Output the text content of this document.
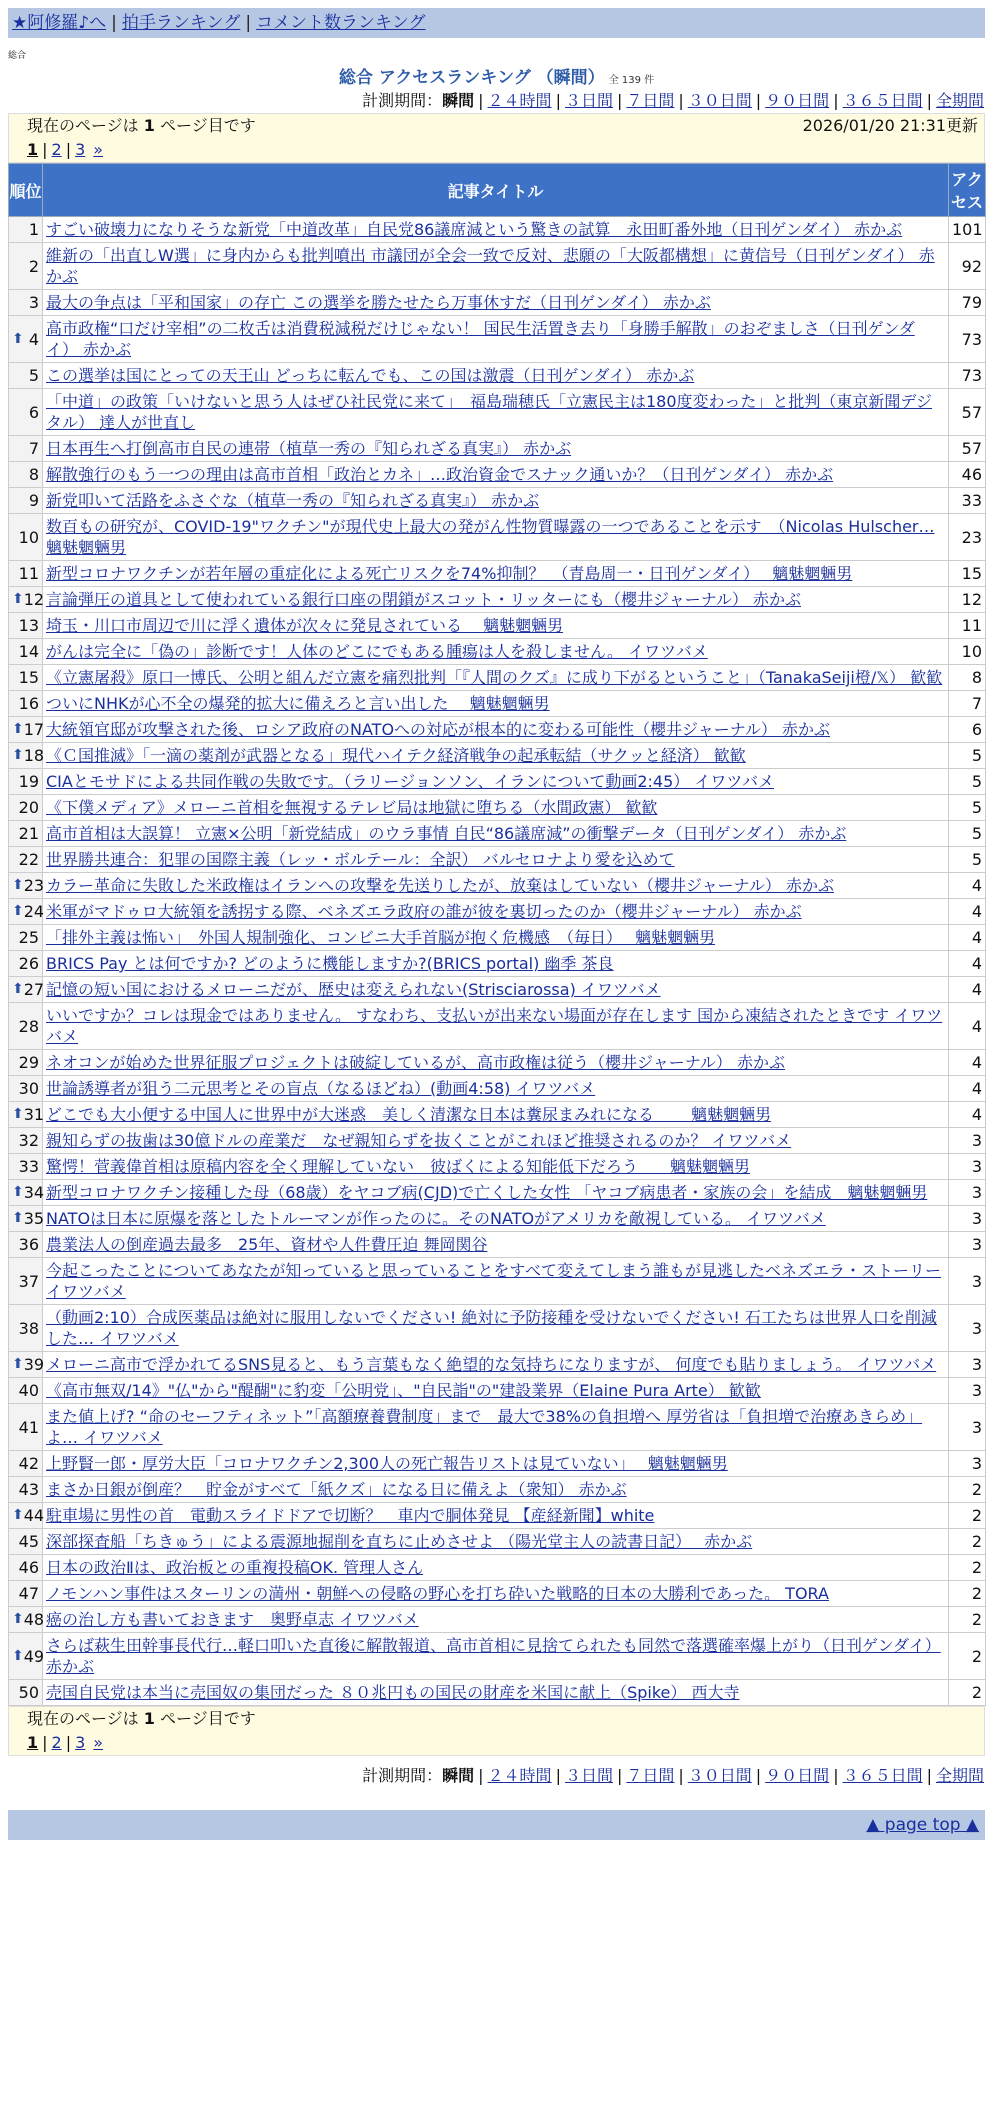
★阿修羅♪へ | 拍手ランキング | コメント数ランキング
総合
総合 アクセスランキング （瞬間） 全 139 件
計測期間：瞬間 | ２４時間 | ３日間 | ７日間 | ３０日間 | ９０日間 | ３６５日間 | 全期間
現在のページは 1 ページ目です	2026/01/20 21:31更新
1 | 2 | 3 »
順位	記事タイトル	アクセス
1	すごい破壊力になりそうな新党「中道改革」自民党86議席減という驚きの試算　永田町番外地（日刊ゲンダイ） 赤かぶ	101
2	維新の「出直しW選」に身内からも批判噴出 市議団が全会一致で反対、悲願の「大阪都構想」に黄信号（日刊ゲンダイ） 赤かぶ	92
3	最大の争点は「平和国家」の存亡 この選挙を勝たせたら万事休すだ（日刊ゲンダイ） 赤かぶ	79

⬆ 4	高市政権“口だけ宰相”の二枚舌は消費税減税だけじゃない！ 国民生活置き去り「身勝手解散」のおぞましさ（日刊ゲンダイ） 赤かぶ	73
5	この選挙は国にとっての天王山 どっちに転んでも、この国は激震（日刊ゲンダイ） 赤かぶ	73
6	「中道」の政策「いけないと思う人はぜひ社民党に来て」　福島瑞穂氏「立憲民主は180度変わった」と批判（東京新聞デジタル） 達人が世直し	57
7	日本再生へ打倒高市自民の連帯（植草一秀の『知られざる真実』） 赤かぶ	57
8	解散強行のもう一つの理由は高市首相「政治とカネ」…政治資金でスナック通いか？（日刊ゲンダイ） 赤かぶ	46
9	新党叩いて活路をふさぐな（植草一秀の『知られざる真実』） 赤かぶ	33
10	数百もの研究が、COVID-19"ワクチン"が現代史上最大の発がん性物質曝露の一つであることを示す　（Nicolas Hulscher… 魑魅魍魎男	23
11	新型コロナワクチンが若年層の重症化による死亡リスクを74%抑制？　（青島周一・日刊ゲンダイ）　 魑魅魍魎男	15

⬆ 12	言論弾圧の道具として使われている銀行口座の閉鎖がスコット・リッターにも（櫻井ジャーナル） 赤かぶ	12
13	埼玉・川口市周辺で川に浮く遺体が次々に発見されている　 魑魅魍魎男	11
14	がんは完全に「偽の」診断です！人体のどこにでもある腫瘍は人を殺しません。 イワツバメ	10
15	《立憲屠殺》原口一博氏、公明と組んだ立憲を痛烈批判「『人間のクズ』に成り下がるということ」（TanakaSeiji橙/𝕏） 歓歓	8
16	ついにNHKが心不全の爆発的拡大に備えろと言い出した　 魑魅魍魎男	7

⬆ 17	大統領官邸が攻撃された後、ロシア政府のNATOへの対応が根本的に変わる可能性（櫻井ジャーナル） 赤かぶ	6

⬆ 18	《Ｃ国推滅》「一滴の薬剤が武器となる」現代ハイテク経済戦争の起承転結（サクッと経済） 歓歓	5
19	CIAとモサドによる共同作戦の失敗です。（ラリージョンソン、イランについて動画2:45） イワツバメ	5
20	《下僕メディア》メローニ首相を無視するテレビ局は地獄に堕ちる（水間政憲） 歓歓	5
21	高市首相は大誤算！ 立憲×公明「新党結成」のウラ事情 自民“86議席減”の衝撃データ（日刊ゲンダイ） 赤かぶ	5
22	世界勝共連合：犯罪の国際主義（レッ・ボルテール：全訳） バルセロナより愛を込めて	5

⬆ 23	カラー革命に失敗した米政権はイランへの攻撃を先送りしたが、放棄はしていない（櫻井ジャーナル） 赤かぶ	4

⬆ 24	米軍がマドゥロ大統領を誘拐する際、ベネズエラ政府の誰が彼を裏切ったのか（櫻井ジャーナル） 赤かぶ	4
25	「排外主義は怖い」　外国人規制強化、コンビニ大手首脳が抱く危機感　（毎日）　 魑魅魍魎男	4
26	BRICS Pay とは何ですか? どのように機能しますか?(BRICS portal) 幽季 茶良	4

⬆ 27	記憶の短い国におけるメローニだが、歴史は変えられない(Strisciarossa) イワツバメ	4
28	いいですか？コレは現金ではありません。 すなわち、支払いが出来ない場面が存在します 国から凍結されたときです イワツバメ	4
29	ネオコンが始めた世界征服プロジェクトは破綻しているが、高市政権は従う（櫻井ジャーナル） 赤かぶ	4
30	世論誘導者が狙う二元思考とその盲点（なるほどね）(動画4:58) イワツバメ	4

⬆ 31	どこでも大小便する中国人に世界中が大迷惑　美しく清潔な日本は糞尿まみれになる　　 魑魅魍魎男	4
32	親知らずの抜歯は30億ドルの産業だ　なぜ親知らずを抜くことがこれほど推奨されるのか？ イワツバメ	3
33	驚愕！菅義偉首相は原稿内容を全く理解していない　彼ばくによる知能低下だろう　　魑魅魍魎男	3

⬆ 34	新型コロナワクチン接種した母（68歳）をヤコブ病(CJD)で亡くした女性 「ヤコブ病患者・家族の会」を結成　魑魅魍魎男	3

⬆ 35	NATOは日本に原爆を落としたトルーマンが作ったのに。そのNATOがアメリカを敵視している。 イワツバメ	3
36	農業法人の倒産過去最多　25年、資材や人件費圧迫 舞岡関谷	3
37	今起こったことについてあなたが知っていると思っていることをすべて変えてしまう誰もが見逃したベネズエラ・ストーリー イワツバメ	3
38	（動画2:10）合成医薬品は絶対に服用しないでください! 絶対に予防接種を受けないでください! 石工たちは世界人口を削減した… イワツバメ	3

⬆ 39	メローニ高市で浮かれてるSNS見ると、もう言葉もなく絶望的な気持ちになりますが、 何度でも貼りましょう。 イワツバメ	3
40	《高市無双/14》"仏"から"醍醐"に豹変「公明党」、"自民詣"の"建設業界（Elaine Pura Arte） 歓歓	3
41	また値上げ? “命のセーフティネット”「高額療養費制度」まで　最大で38%の負担増へ 厚労省は「負担増で治療あきらめ」よ… イワツバメ	3
42	上野賢一郎・厚労大臣「コロナワクチン2,300人の死亡報告リストは見ていない」　 魑魅魍魎男	3
43	まさか日銀が倒産？　貯金がすべて「紙クズ」になる日に備えよ（衆知） 赤かぶ	2

⬆ 44	駐車場に男性の首　電動スライドドアで切断？　車内で胴体発見 【産経新聞】white	2
45	深部探査船「ちきゅう」による震源地掘削を直ちに止めさせよ （陽光堂主人の読書日記）　 赤かぶ	2
46	日本の政治Ⅱは、政治板との重複投稿OK. 管理人さん	2
47	ノモンハン事件はスターリンの満州・朝鮮への侵略の野心を打ち砕いた戦略的日本の大勝利であった。 TORA	2

⬆ 48	癌の治し方も書いておきます　奥野卓志 イワツバメ	2

⬆ 49	さらば萩生田幹事長代行…軽口叩いた直後に解散報道、高市首相に見捨てられたも同然で落選確率爆上がり（日刊ゲンダイ） 赤かぶ	2
50	売国自民党は本当に売国奴の集団だった ８０兆円もの国民の財産を米国に献上（Spike） 西大寺	2
現在のページは 1 ページ目です
1 | 2 | 3 »
計測期間：瞬間 | ２４時間 | ３日間 | ７日間 | ３０日間 | ９０日間 | ３６５日間 | 全期間
▲ page top ▲
